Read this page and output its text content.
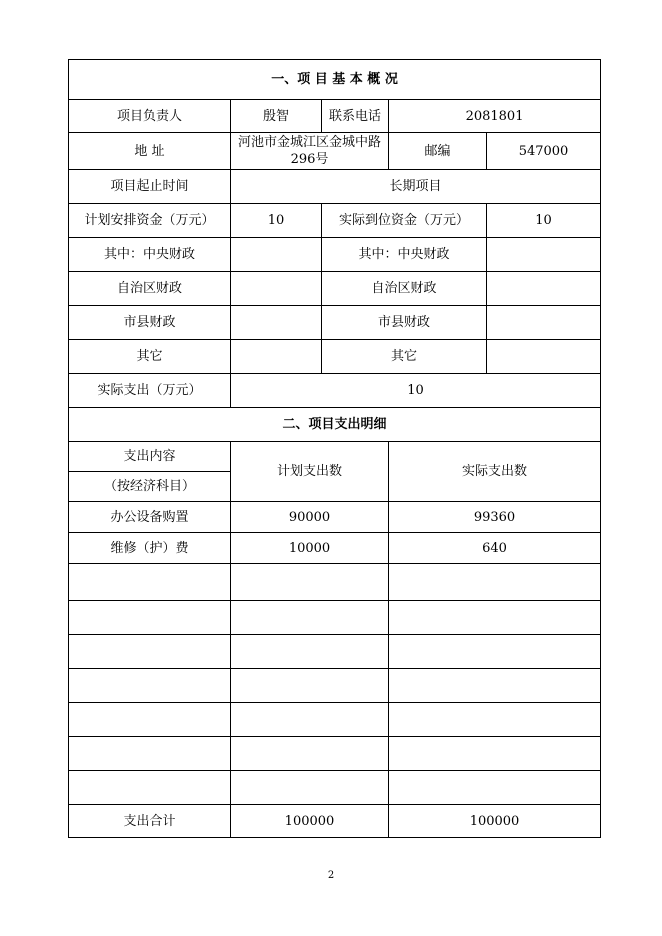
一、项 目 基 本 概 况				
项目负责人	殷智	联系电话	2081801	
地 址	河池市金城江区金城中路296号		邮编	547000
项目起止时间	长期项目			
计划安排资金（万元）	10	实际到位资金（万元）		10
其中：中央财政		其中：中央财政		
自治区财政		自治区财政		
市县财政		市县财政		
其它		其它		
实际支出（万元）	10			
二、项目支出明细				
支出内容	计划支出数		实际支出数	
（按经济科目）				
办公设备购置	90000		99360	
维修（护）费	10000		640	

支出合计	100000		100000	
2
